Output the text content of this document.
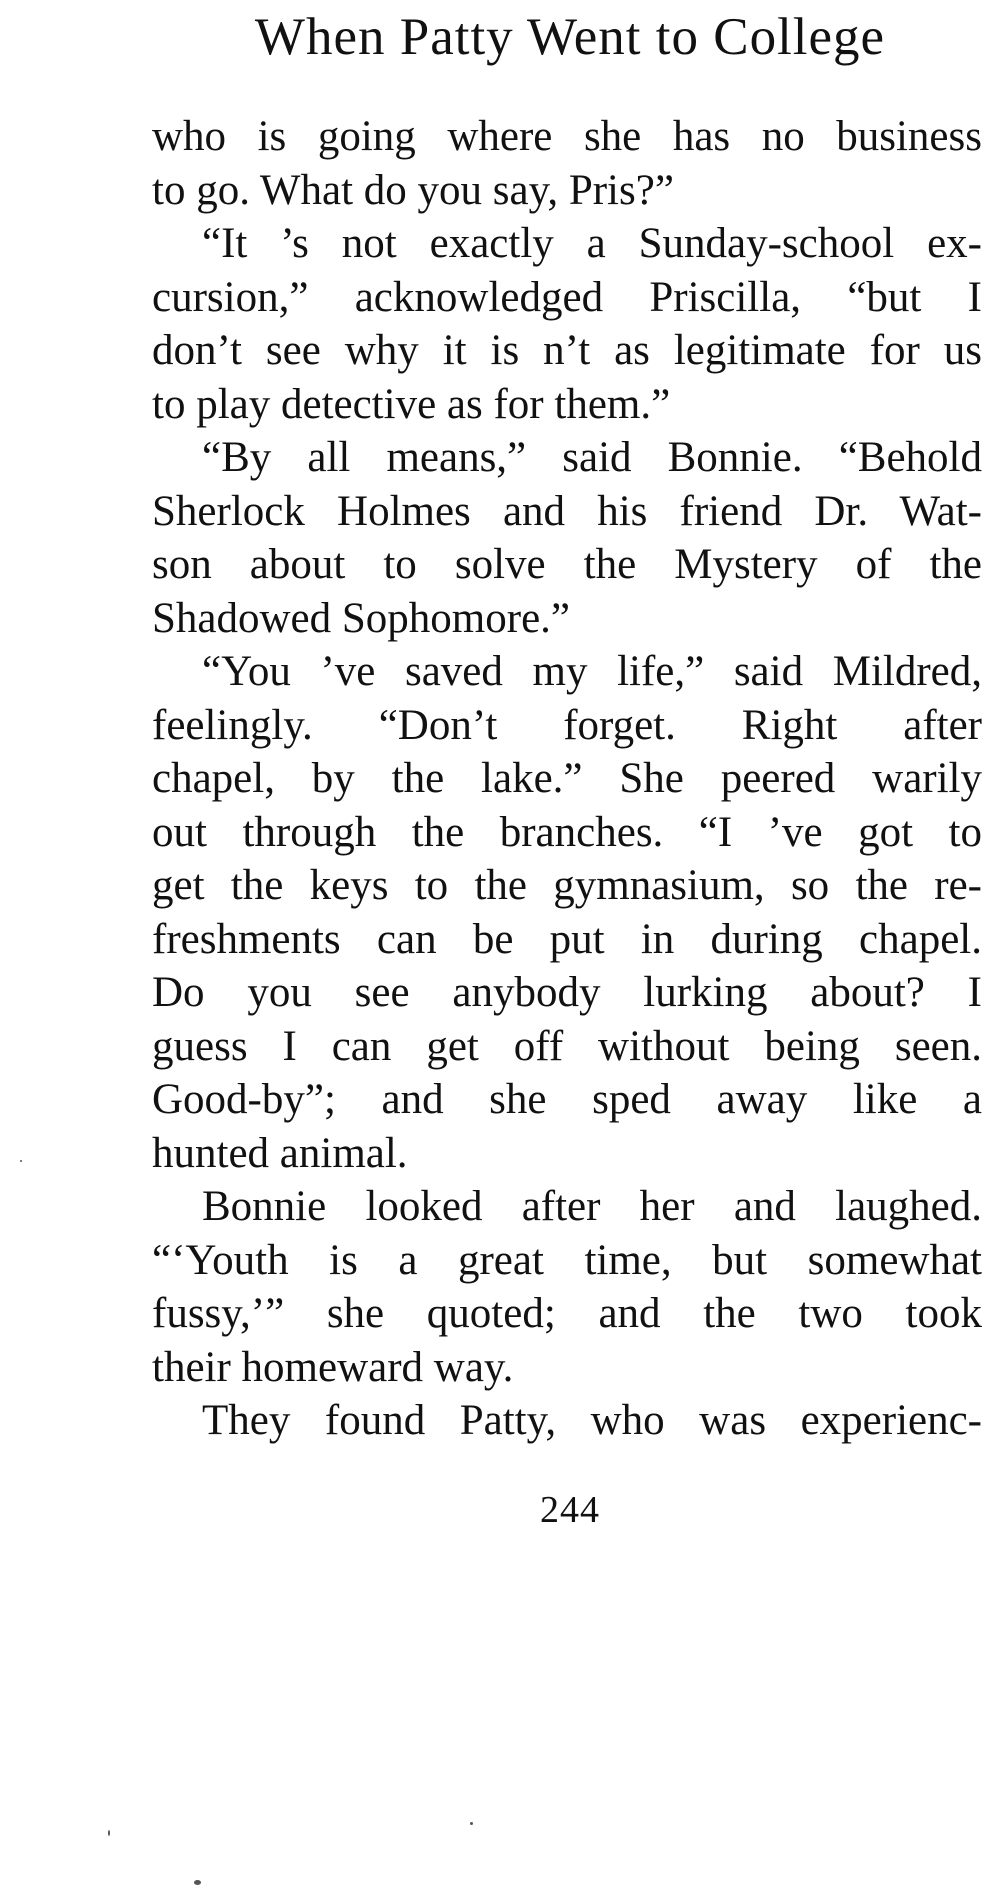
When Patty Went to College
who is going where she has no business
to go. What do you say, Pris?”
“It ’s not exactly a Sunday-school ex-
cursion,” acknowledged Priscilla, “but I
don’t see why it is n’t as legitimate for us
to play detective as for them.”
“By all means,” said Bonnie. “Behold
Sherlock Holmes and his friend Dr. Wat-
son about to solve the Mystery of the
Shadowed Sophomore.”
“You ’ve saved my life,” said Mildred,
feelingly. “Don’t forget. Right after
chapel, by the lake.” She peered warily
out through the branches. “I ’ve got to
get the keys to the gymnasium, so the re-
freshments can be put in during chapel.
Do you see anybody lurking about? I
guess I can get off without being seen.
Good-by”; and she sped away like a
hunted animal.
Bonnie looked after her and laughed.
“‘Youth is a great time, but somewhat
fussy,’” she quoted; and the two took
their homeward way.
They found Patty, who was experienc-
244
